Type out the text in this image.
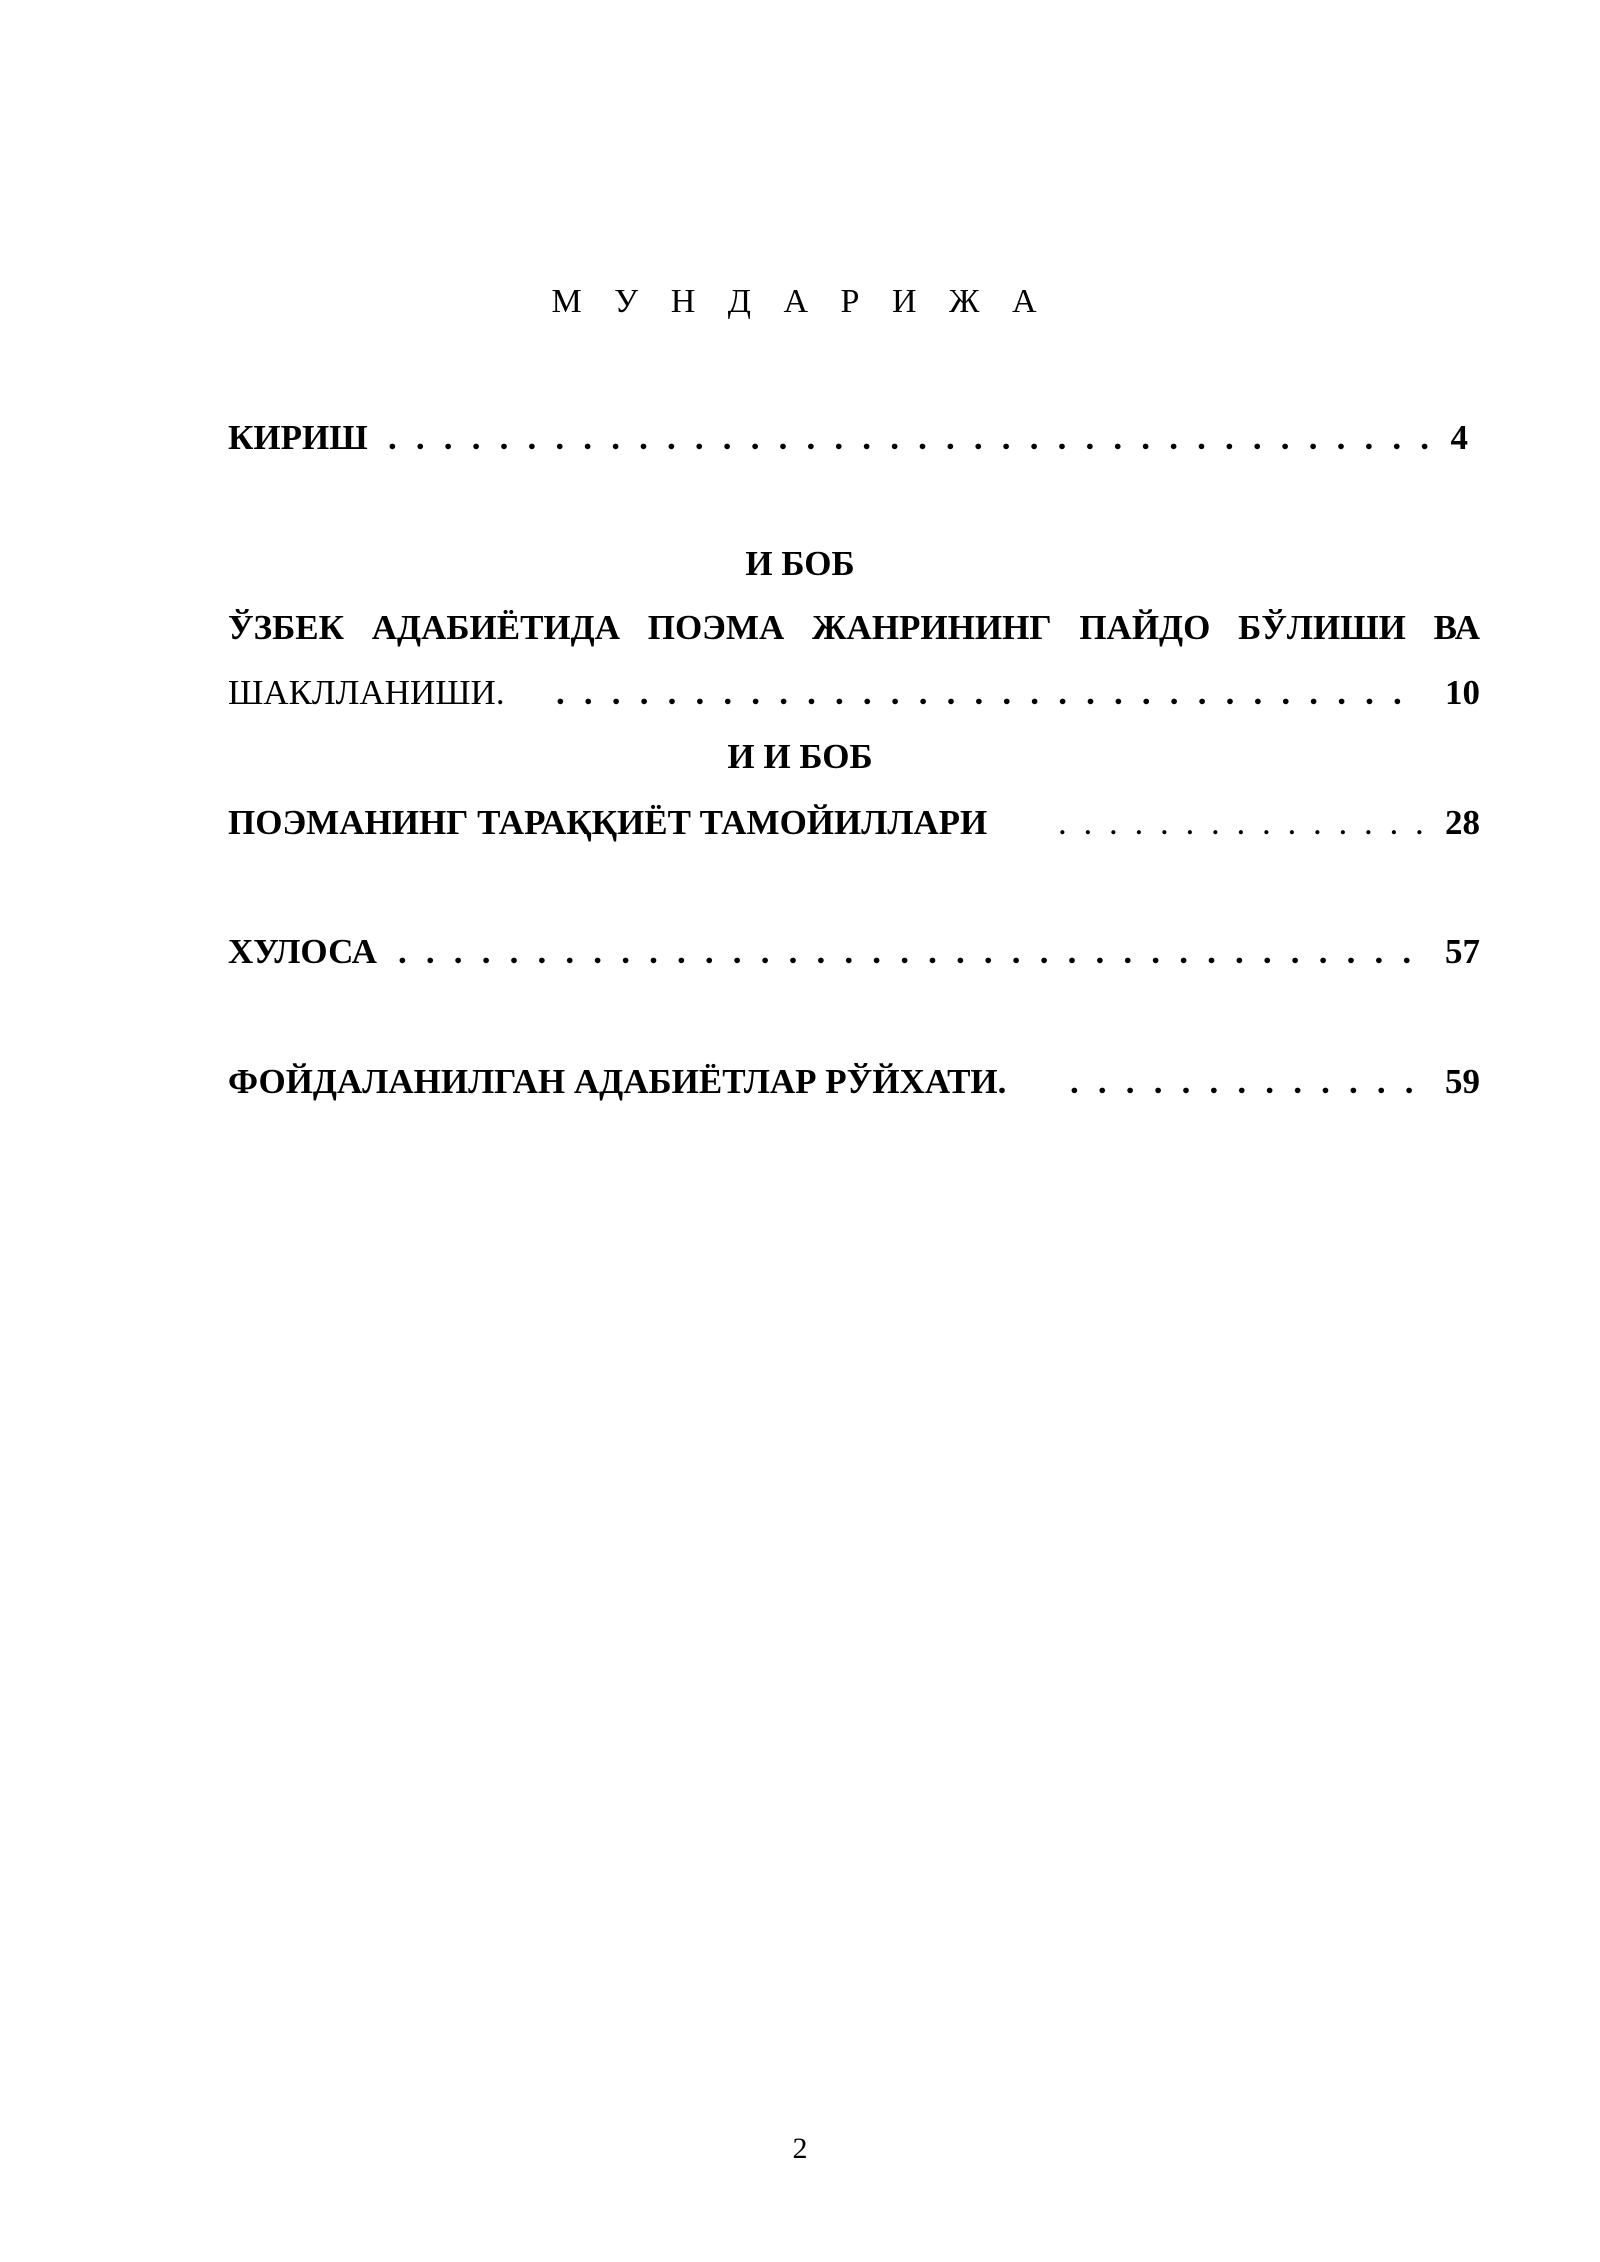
М У Н Д А Р И Ж А
КИРИШ . . . . . . . . . . . . . . . . . . . . . . . . . . . . . . . . . . . . . . 4
И БОБ
ЎЗБЕК АДАБИЁТИДА ПОЭМА ЖАНРИНИНГ ПАЙДО БЎЛИШИ ВА
ШАКЛЛАНИШИ. . . . . . . . . . . . . . . . . . . . . . . . . . . . . . . . 10
И И БОБ
ПОЭМАНИНГ ТАРАҚҚИЁТ ТАМОЙИЛЛАРИ . . . . . . . . . . . . . . . 28
ХУЛОСА . . . . . . . . . . . . . . . . . . . . . . . . . . . . . . . . . . . . . 57
ФОЙДАЛАНИЛГАН АДАБИЁТЛАР РЎЙХАТИ. . . . . . . . . . . . . . 59
2
